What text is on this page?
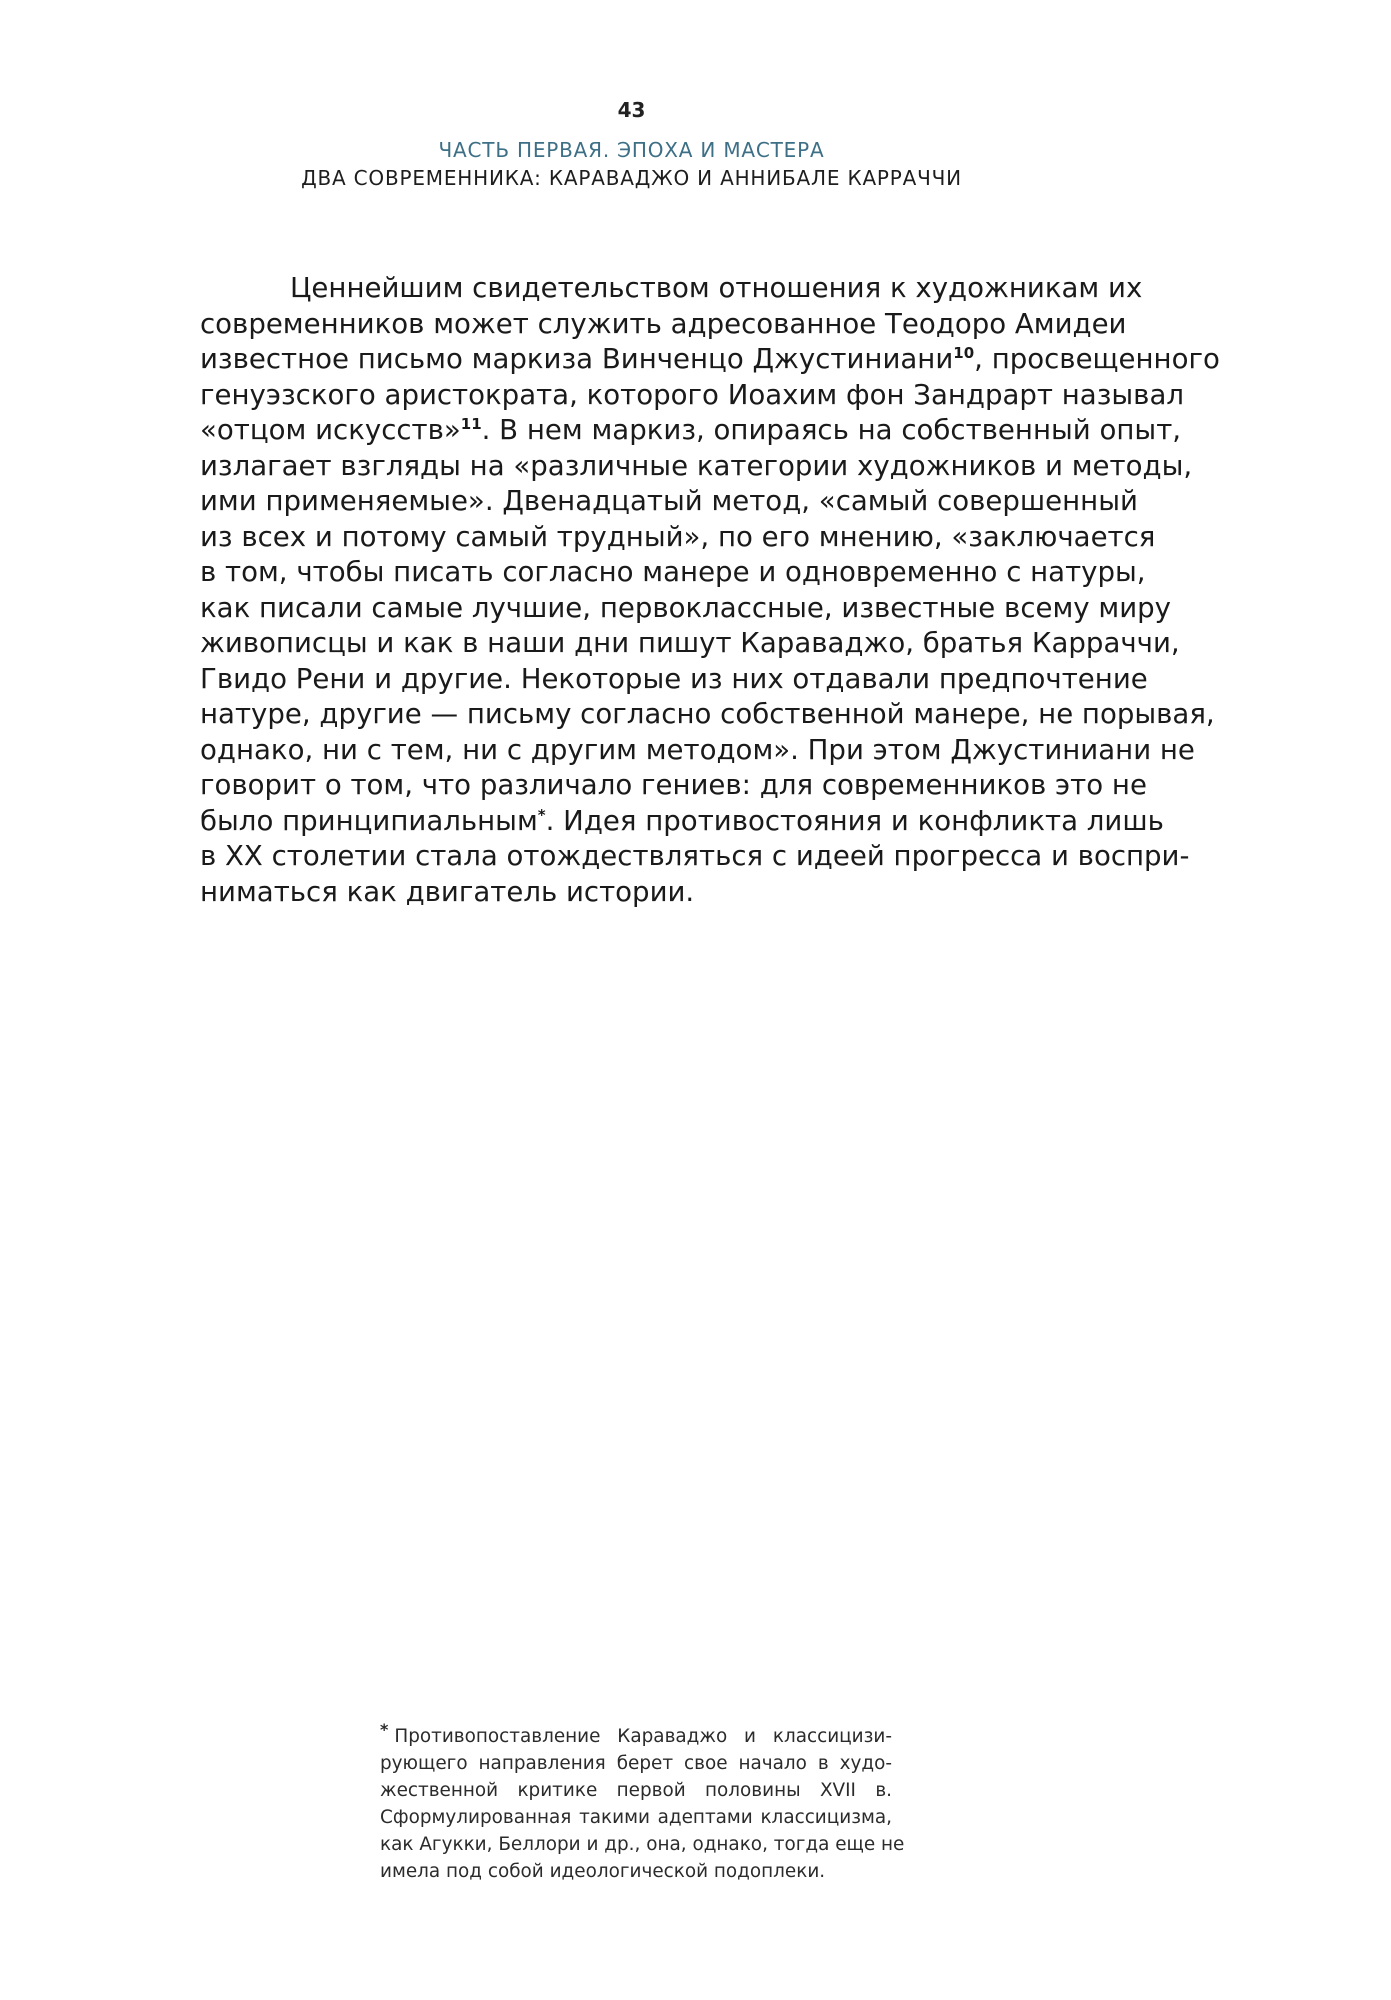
43
ЧАСТЬ ПЕРВАЯ. ЭПОХА И МАСТЕРА
ДВА СОВРЕМЕННИКА: КАРАВАДЖО И АННИБАЛЕ КАРРАЧЧИ
Ценнейшим свидетельством отношения к художникам их
современников может служить адресованное Теодоро Амидеи
известное письмо маркиза Винченцо Джустиниани$^{10}$, просвещенного
генуэзского аристократа, которого Иоахим фон Зандрарт называл
«отцом искусств»$^{11}$. В нем маркиз, опираясь на собственный опыт,
излагает взгляды на «различные категории художников и методы,
ими применяемые». Двенадцатый метод, «самый совершенный
из всех и потому самый трудный», по его мнению, «заключается
в том, чтобы писать согласно манере и одновременно с натуры,
как писали самые лучшие, первоклассные, известные всему миру
живописцы и как в наши дни пишут Караваджо, братья Карраччи,
Гвидо Рени и другие. Некоторые из них отдавали предпочтение
натуре, другие — письму согласно собственной манере, не порывая,
однако, ни с тем, ни с другим методом». При этом Джустиниани не
говорит о том, что различало гениев: для современников это не
было принципиальным*. Идея противостояния и конфликта лишь
в XX столетии стала отождествляться с идеей прогресса и воспри-
ниматься как двигатель истории.
* Противопоставление Караваджо и классицизи-
рующего направления берет свое начало в худо-
жественной критике первой половины XVII в.
Сформулированная такими адептами классицизма,
как Агукки, Беллори и др., она, однако, тогда еще не
имела под собой идеологической подоплеки.
